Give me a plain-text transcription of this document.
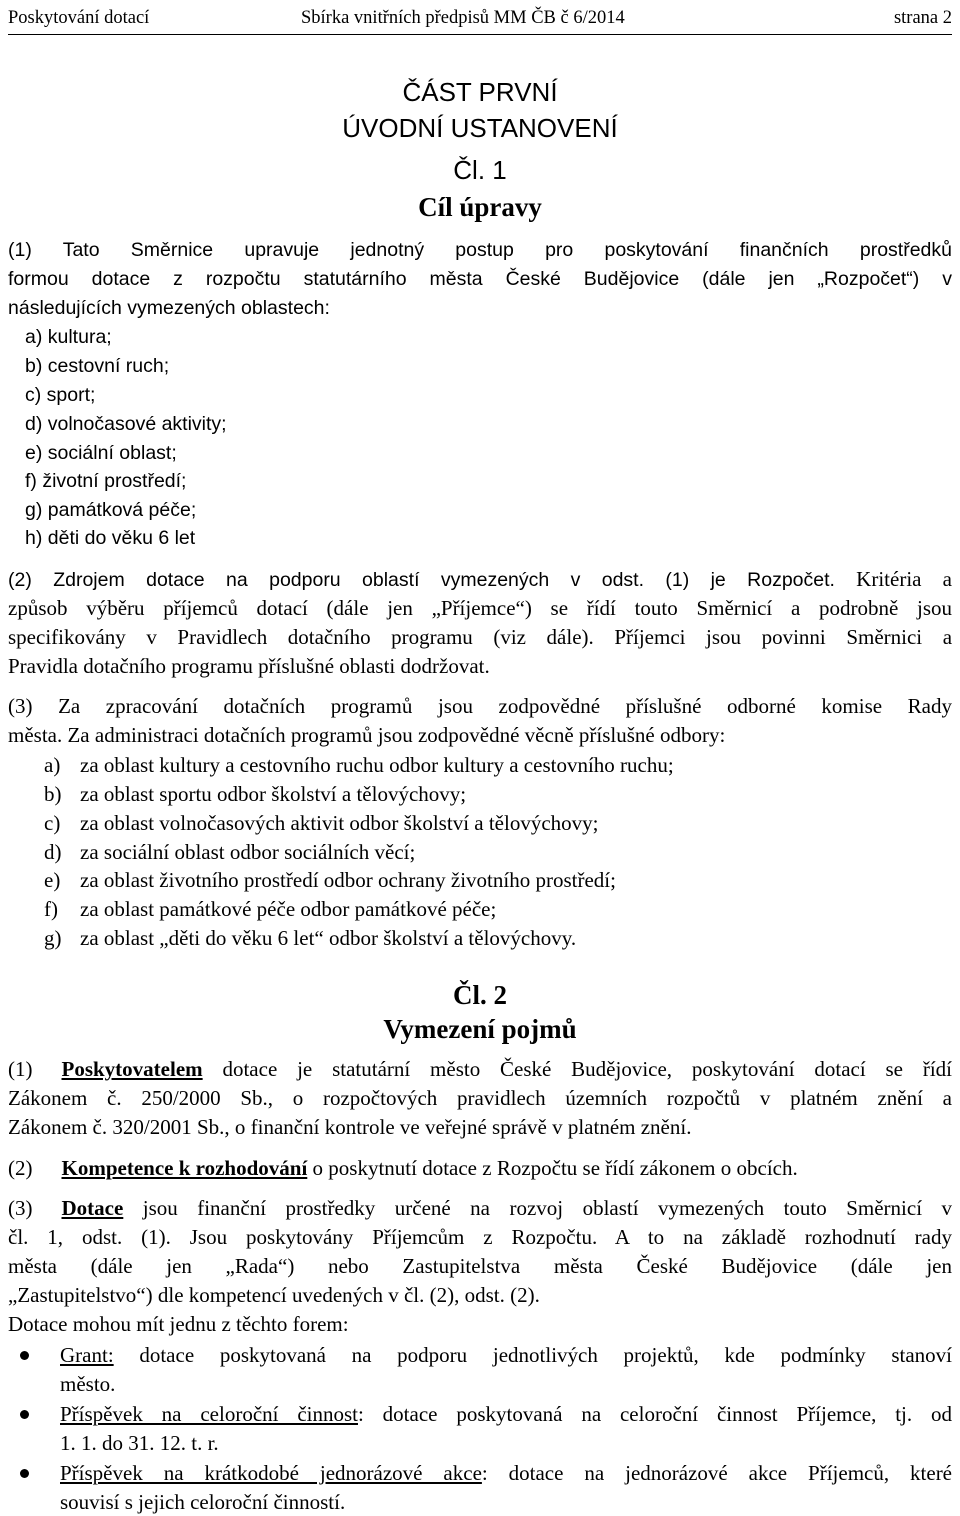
Poskytování dotací	Sbírka vnitřních předpisů MM ČB č 6/2014	strana 2
ČÁST PRVNÍ
ÚVODNÍ USTANOVENÍ
Čl. 1
Cíl úpravy
(1) Tato Směrnice upravuje jednotný postup pro poskytování finančních prostředků
formou dotace z rozpočtu statutárního města České Budějovice (dále jen „Rozpočet“) v
následujících vymezených oblastech:
a) kultura;
b) cestovní ruch;
c) sport;
d) volnočasové aktivity;
e) sociální oblast;
f) životní prostředí;
g) památková péče;
h) děti do věku 6 let
(2) Zdrojem dotace na podporu oblastí vymezených v odst. (1) je Rozpočet. Kritéria a
způsob výběru příjemců dotací (dále jen „Příjemce“) se řídí touto Směrnicí a podrobně jsou
specifikovány v Pravidlech dotačního programu (viz dále). Příjemci jsou povinni Směrnici a
Pravidla dotačního programu příslušné oblasti dodržovat.
(3) Za zpracování dotačních programů jsou zodpovědné příslušné odborné komise Rady
města. Za administraci dotačních programů jsou zodpovědné věcně příslušné odbory:
a) za oblast kultury a cestovního ruchu odbor kultury a cestovního ruchu;
b) za oblast sportu odbor školství a tělovýchovy;
c) za oblast volnočasových aktivit odbor školství a tělovýchovy;
d) za sociální oblast odbor sociálních věcí;
e) za oblast životního prostředí odbor ochrany životního prostředí;
f) za oblast památkové péče odbor památkové péče;
g) za oblast „děti do věku 6 let“ odbor školství a tělovýchovy.
Čl. 2
Vymezení pojmů
(1) Poskytovatelem dotace je statutární město České Budějovice, poskytování dotací se řídí
Zákonem č. 250/2000 Sb., o rozpočtových pravidlech územních rozpočtů v platném znění a
Zákonem č. 320/2001 Sb., o finanční kontrole ve veřejné správě v platném znění.
(2) Kompetence k rozhodování o poskytnutí dotace z Rozpočtu se řídí zákonem o obcích.
(3) Dotace jsou finanční prostředky určené na rozvoj oblastí vymezených touto Směrnicí v
čl. 1, odst. (1). Jsou poskytovány Příjemcům z Rozpočtu. A to na základě rozhodnutí rady
města (dále jen „Rada“) nebo Zastupitelstva města České Budějovice (dále jen
„Zastupitelstvo“) dle kompetencí uvedených v čl. (2), odst. (2).
Dotace mohou mít jednu z těchto forem:
Grant: dotace poskytovaná na podporu jednotlivých projektů, kde podmínky stanoví
město.
Příspěvek na celoroční činnost: dotace poskytovaná na celoroční činnost Příjemce, tj. od
1. 1. do 31. 12. t. r.
Příspěvek na krátkodobé jednorázové akce: dotace na jednorázové akce Příjemců, které
souvisí s jejich celoroční činností.
